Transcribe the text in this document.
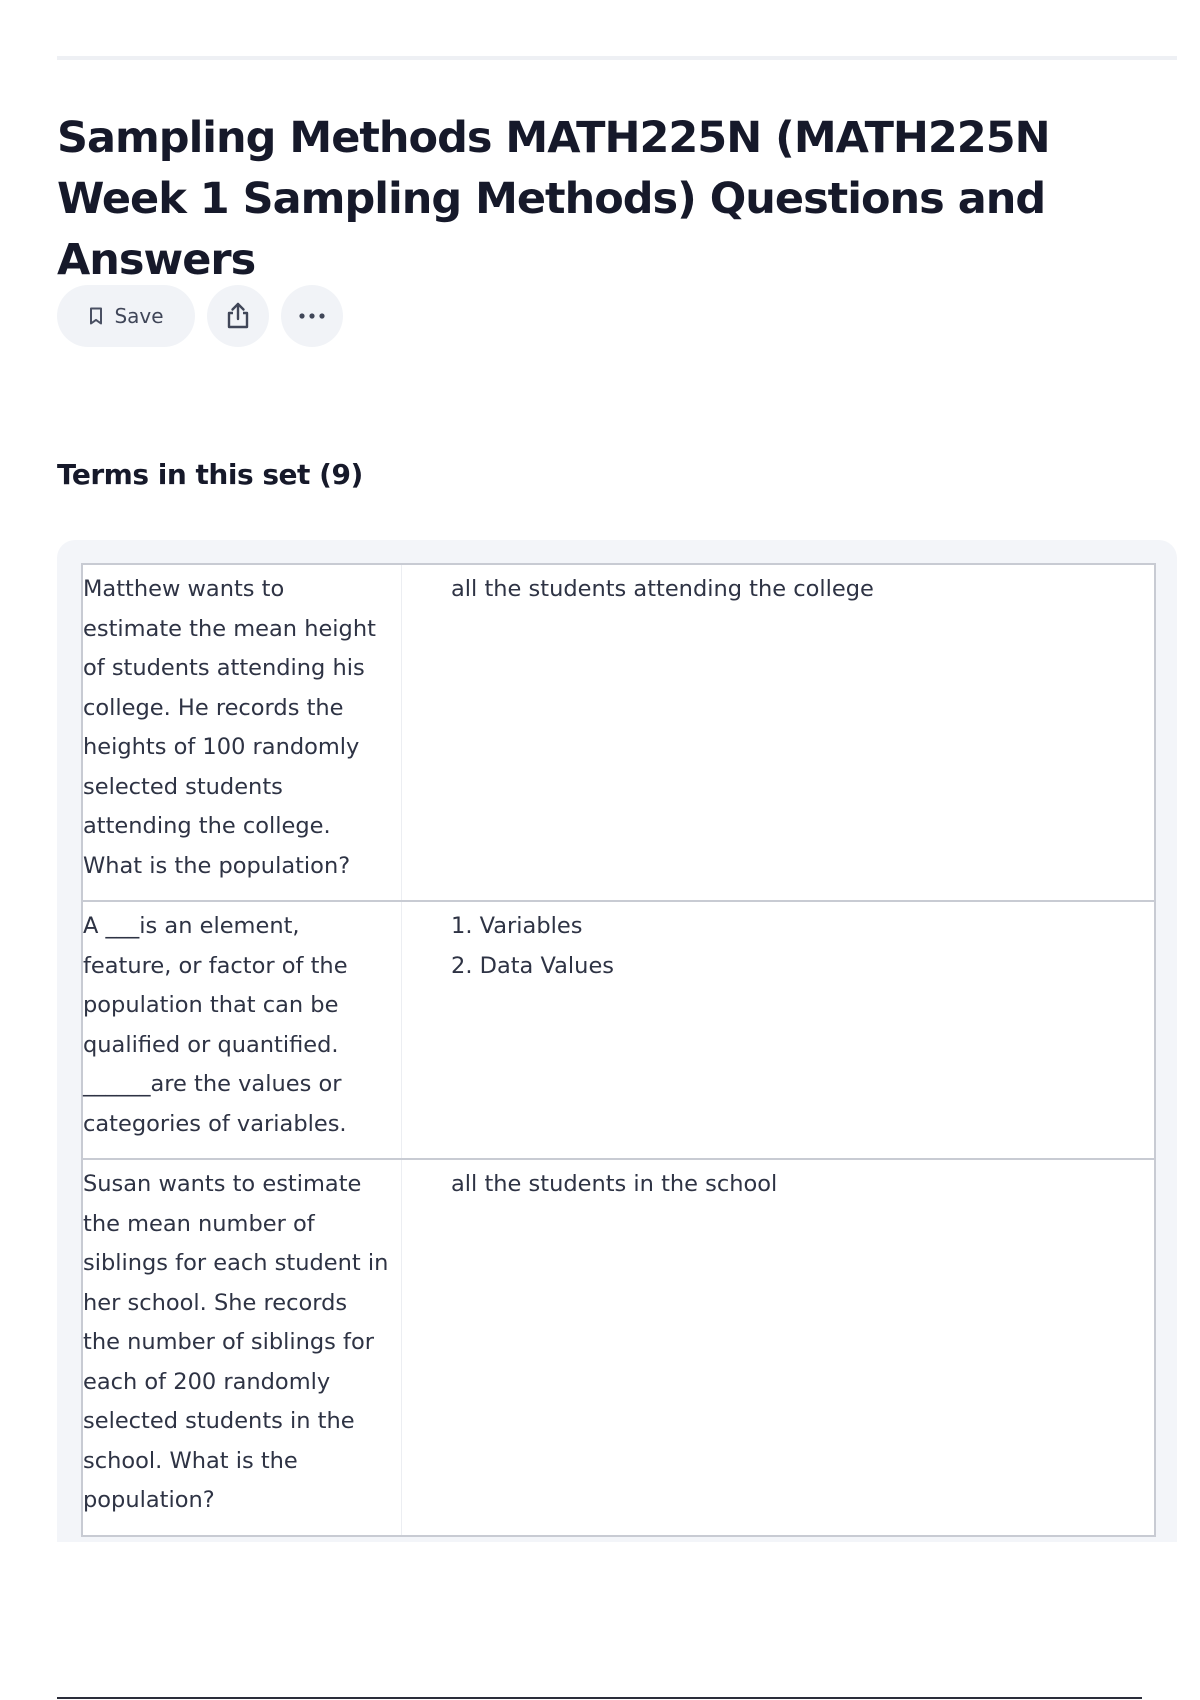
Sampling Methods MATH225N (MATH225N Week 1 Sampling Methods) Questions and Answers
Save
Terms in this set (9)
Matthew wants to
estimate the mean height
of students attending his
college. He records the
heights of 100 randomly
selected students
attending the college.
What is the population?
all the students attending the college
A ___is an element,
feature, or factor of the
population that can be
qualified or quantified.
______are the values or
categories of variables.
1. Variables
2. Data Values
Susan wants to estimate
the mean number of
siblings for each student in
her school. She records
the number of siblings for
each of 200 randomly
selected students in the
school. What is the
population?
all the students in the school
